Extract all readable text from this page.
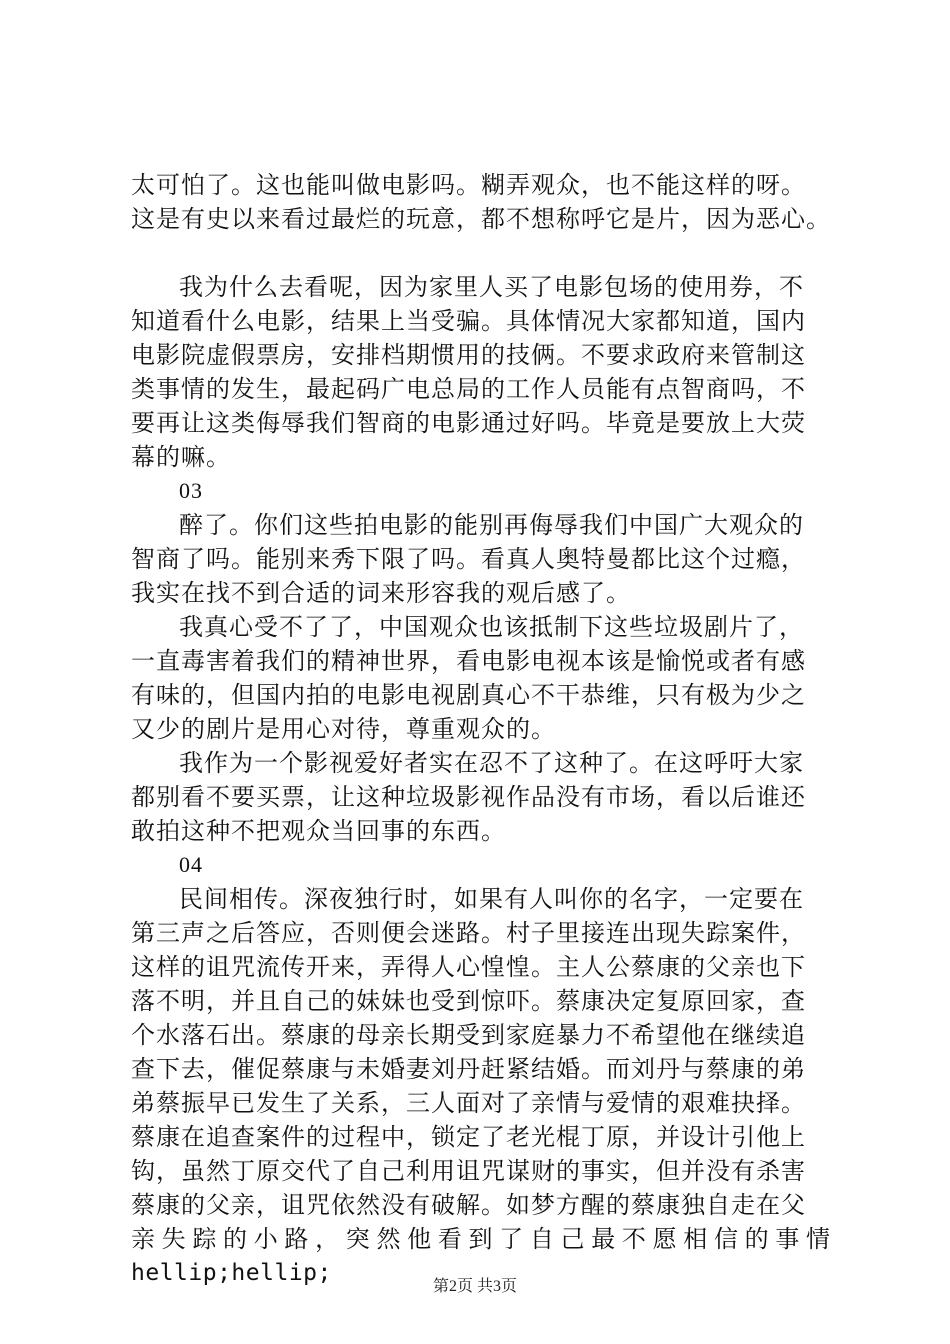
太可怕了。这也能叫做电影吗。糊弄观众，也不能这样的呀。
这是有史以来看过最烂的玩意，都不想称呼它是片，因为恶心。
我为什么去看呢，因为家里人买了电影包场的使用券，不
知道看什么电影，结果上当受骗。具体情况大家都知道，国内
电影院虚假票房，安排档期惯用的技俩。不要求政府来管制这
类事情的发生，最起码广电总局的工作人员能有点智商吗，不
要再让这类侮辱我们智商的电影通过好吗。毕竟是要放上大荧
幕的嘛。
03
醉了。你们这些拍电影的能别再侮辱我们中国广大观众的
智商了吗。能别来秀下限了吗。看真人奥特曼都比这个过瘾，
我实在找不到合适的词来形容我的观后感了。
我真心受不了了，中国观众也该抵制下这些垃圾剧片了，
一直毒害着我们的精神世界，看电影电视本该是愉悦或者有感
有味的，但国内拍的电影电视剧真心不干恭维，只有极为少之
又少的剧片是用心对待，尊重观众的。
我作为一个影视爱好者实在忍不了这种了。在这呼吁大家
都别看不要买票，让这种垃圾影视作品没有市场，看以后谁还
敢拍这种不把观众当回事的东西。
04
民间相传。深夜独行时，如果有人叫你的名字，一定要在
第三声之后答应，否则便会迷路。村子里接连出现失踪案件，
这样的诅咒流传开来，弄得人心惶惶。主人公蔡康的父亲也下
落不明，并且自己的妹妹也受到惊吓。蔡康决定复原回家，查
个水落石出。蔡康的母亲长期受到家庭暴力不希望他在继续追
查下去，催促蔡康与未婚妻刘丹赶紧结婚。而刘丹与蔡康的弟
弟蔡振早已发生了关系，三人面对了亲情与爱情的艰难抉择。
蔡康在追查案件的过程中，锁定了老光棍丁原，并设计引他上
钩，虽然丁原交代了自己利用诅咒谋财的事实，但并没有杀害
蔡康的父亲，诅咒依然没有破解。如梦方醒的蔡康独自走在父
亲失踪的小路，突然他看到了自己最不愿相信的事情
hellip;hellip;
第2页 共3页
